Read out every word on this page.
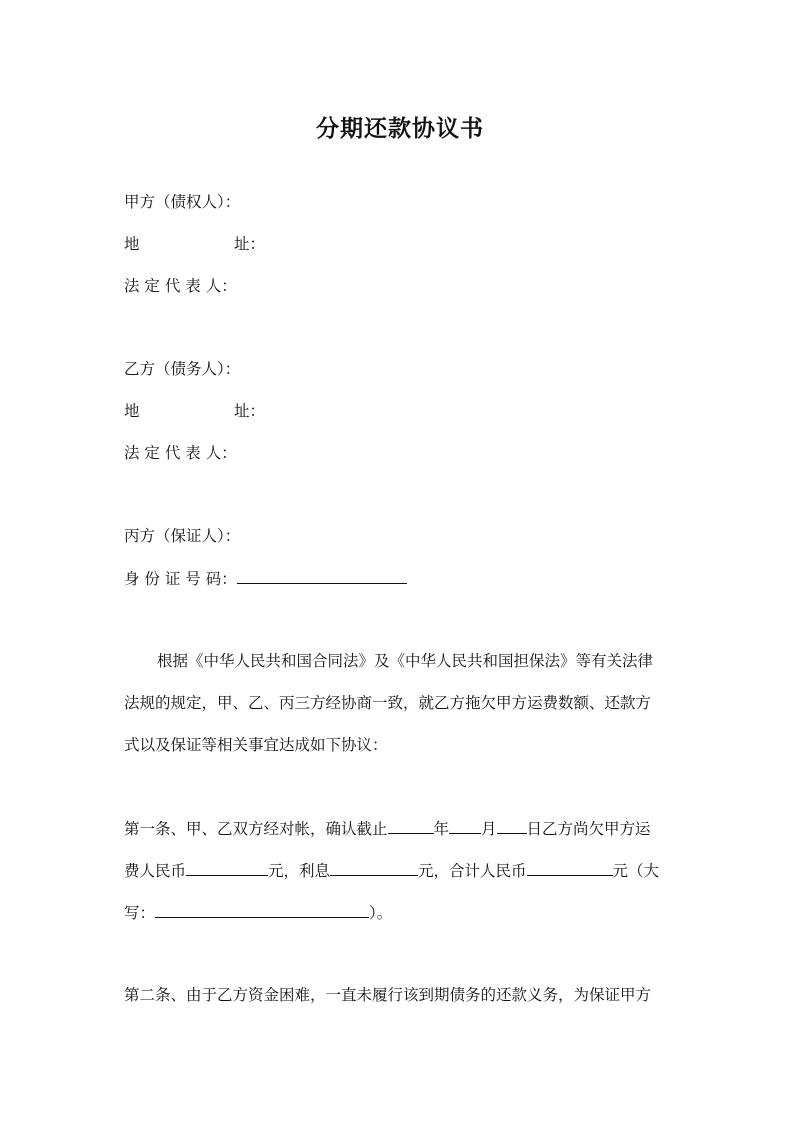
分期还款协议书
甲方（债权人）：
地	址：
法 定 代 表 人：
乙方（债务人）：
地	址：
法 定 代 表 人：
丙方（保证人）：
身 份 证 号 码：
根据《中华人民共和国合同法》及《中华人民共和国担保法》等有关法律
法规的规定，甲、乙、丙三方经协商一致，就乙方拖欠甲方运费数额、还款方
式以及保证等相关事宜达成如下协议：
第一条、甲、乙双方经对帐，确认截止	年 月 日乙方尚欠甲方运
费人民币	元，利息	元，合计人民币	元（大
写：	）。
第二条、由于乙方资金困难，一直未履行该到期债务的还款义务，为保证甲方
